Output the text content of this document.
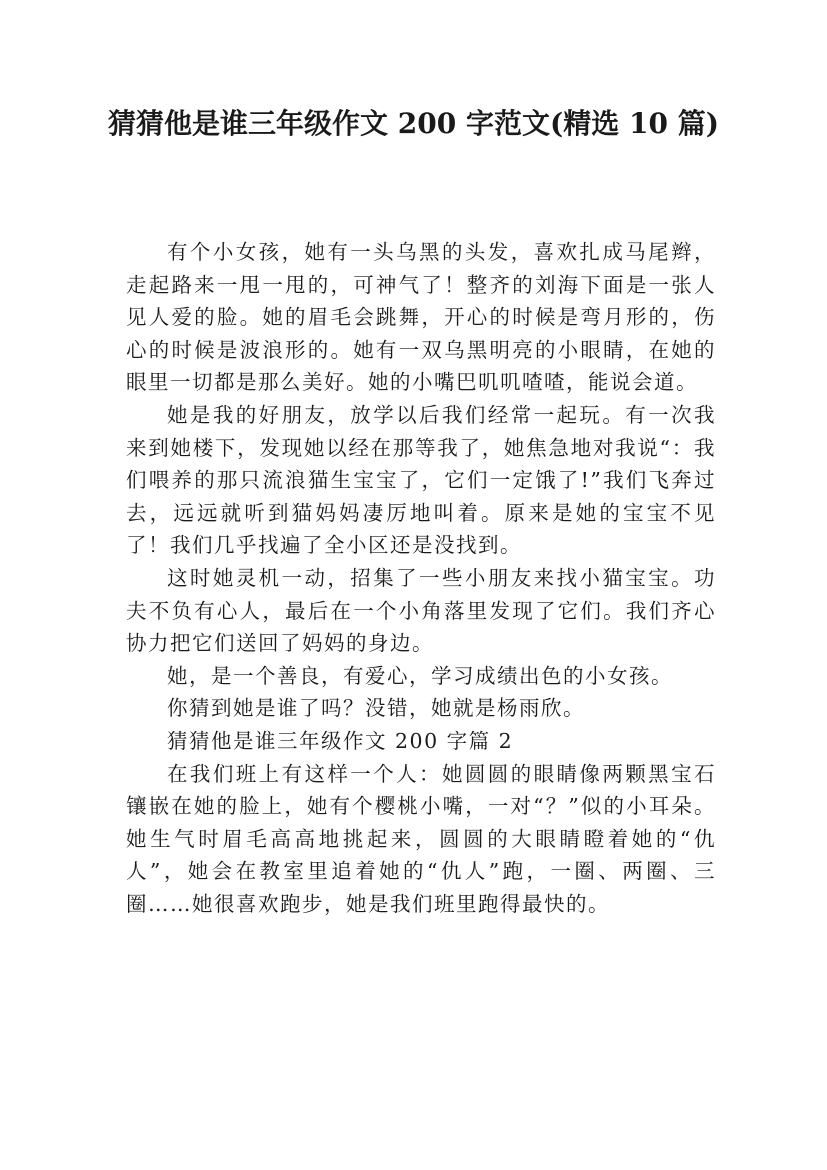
猜猜他是谁三年级作文 200 字范文(精选 10 篇)

有个小女孩，她有一头乌黑的头发，喜欢扎成马尾辫，走起路来一甩一甩的，可神气了！整齐的刘海下面是一张人见人爱的脸。她的眉毛会跳舞，开心的时候是弯月形的，伤心的时候是波浪形的。她有一双乌黑明亮的小眼睛，在她的眼里一切都是那么美好。她的小嘴巴叽叽喳喳，能说会道。

她是我的好朋友，放学以后我们经常一起玩。有一次我来到她楼下，发现她以经在那等我了，她焦急地对我说“：我们喂养的那只流浪猫生宝宝了，它们一定饿了!”我们飞奔过去，远远就听到猫妈妈凄厉地叫着。原来是她的宝宝不见了！我们几乎找遍了全小区还是没找到。

这时她灵机一动，招集了一些小朋友来找小猫宝宝。功夫不负有心人，最后在一个小角落里发现了它们。我们齐心协力把它们送回了妈妈的身边。

她，是一个善良，有爱心，学习成绩出色的小女孩。

你猜到她是谁了吗？没错，她就是杨雨欣。

猜猜他是谁三年级作文 200 字篇 2

在我们班上有这样一个人：她圆圆的眼睛像两颗黑宝石镶嵌在她的脸上，她有个樱桃小嘴，一对“？”似的小耳朵。她生气时眉毛高高地挑起来，圆圆的大眼睛瞪着她的“仇人”，她会在教室里追着她的“仇人”跑，一圈、两圈、三圈……她很喜欢跑步，她是我们班里跑得最快的。
